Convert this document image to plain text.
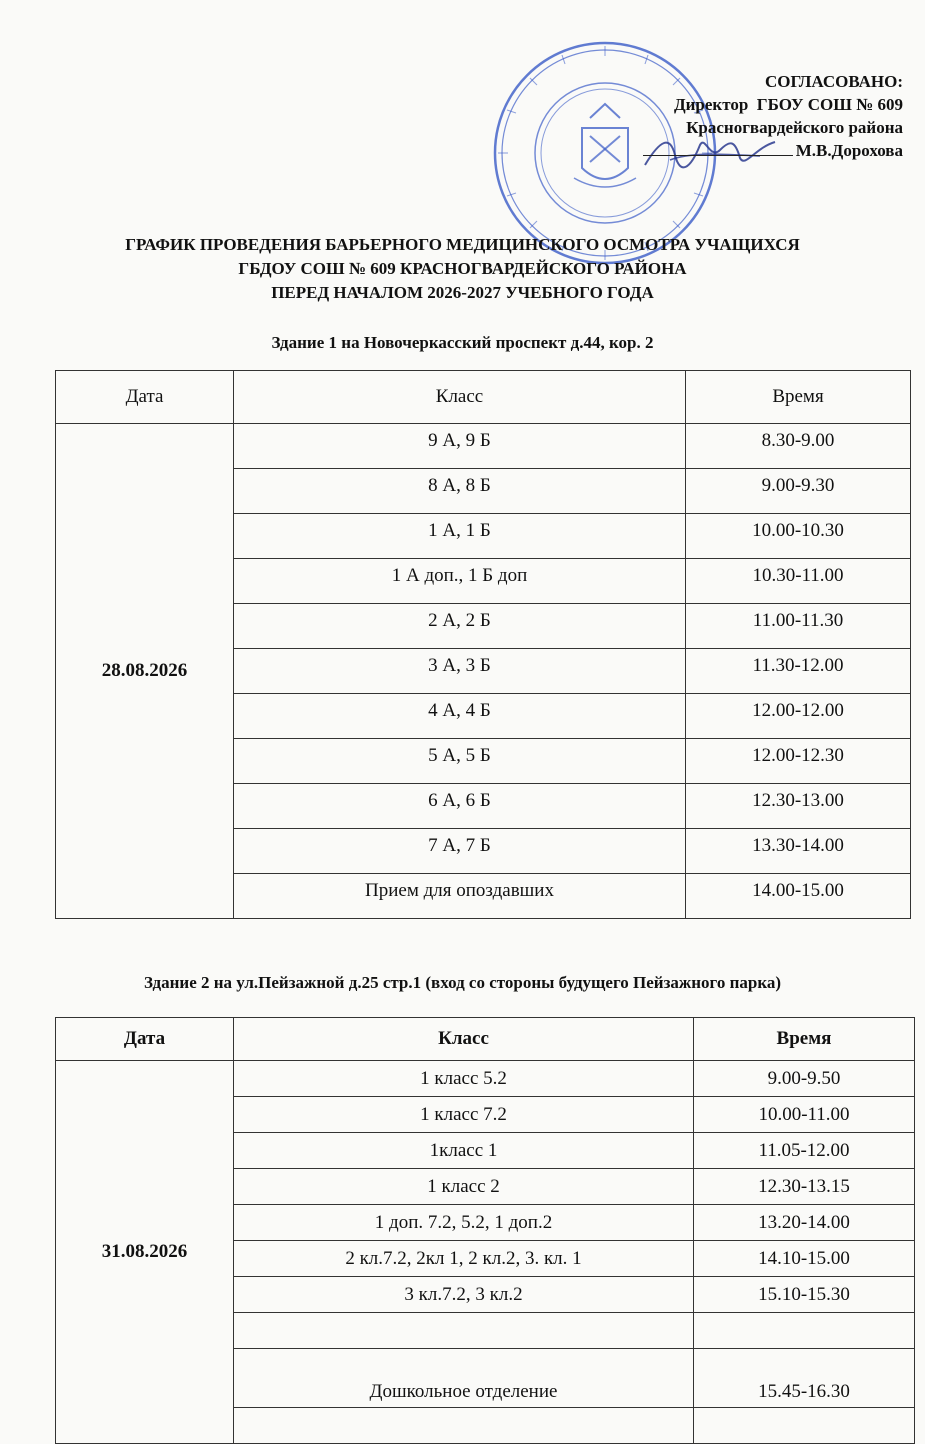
СОГЛАСОВАНО:
Директор  ГБОУ СОШ № 609
Красногвардейского района
М.В.Дорохова
ГРАФИК ПРОВЕДЕНИЯ БАРЬЕРНОГО МЕДИЦИНСКОГО ОСМОТРА УЧАЩИХСЯ
ГБДОУ СОШ № 609 КРАСНОГВАРДЕЙСКОГО РАЙОНА
ПЕРЕД НАЧАЛОМ 2026-2027 УЧЕБНОГО ГОДА
Здание 1 на Новочеркасский проспект д.44, кор. 2
Дата	Класс	Время
28.08.2026	9 А, 9 Б	8.30-9.00
	8 А, 8 Б	9.00-9.30
	1 А, 1 Б	10.00-10.30
	1 А доп., 1 Б доп	10.30-11.00
	2 А, 2 Б	11.00-11.30
	3 А, 3 Б	11.30-12.00
	4 А, 4 Б	12.00-12.00
	5 А, 5 Б	12.00-12.30
	6 А, 6 Б	12.30-13.00
	7 А, 7 Б	13.30-14.00
	Прием для опоздавших	14.00-15.00
Здание 2 на ул.Пейзажной д.25 стр.1 (вход со стороны будущего Пейзажного парка)
Дата	Класс	Время
31.08.2026	1 класс 5.2	9.00-9.50
	1 класс 7.2	10.00-11.00
	1класс 1	11.05-12.00
	1 класс 2	12.30-13.15
	1 доп. 7.2, 5.2, 1 доп.2	13.20-14.00
	2 кл.7.2, 2кл 1, 2 кл.2, 3. кл. 1	14.10-15.00
	3 кл.7.2, 3 кл.2	15.10-15.30

	Дошкольное отделение	15.45-16.30
